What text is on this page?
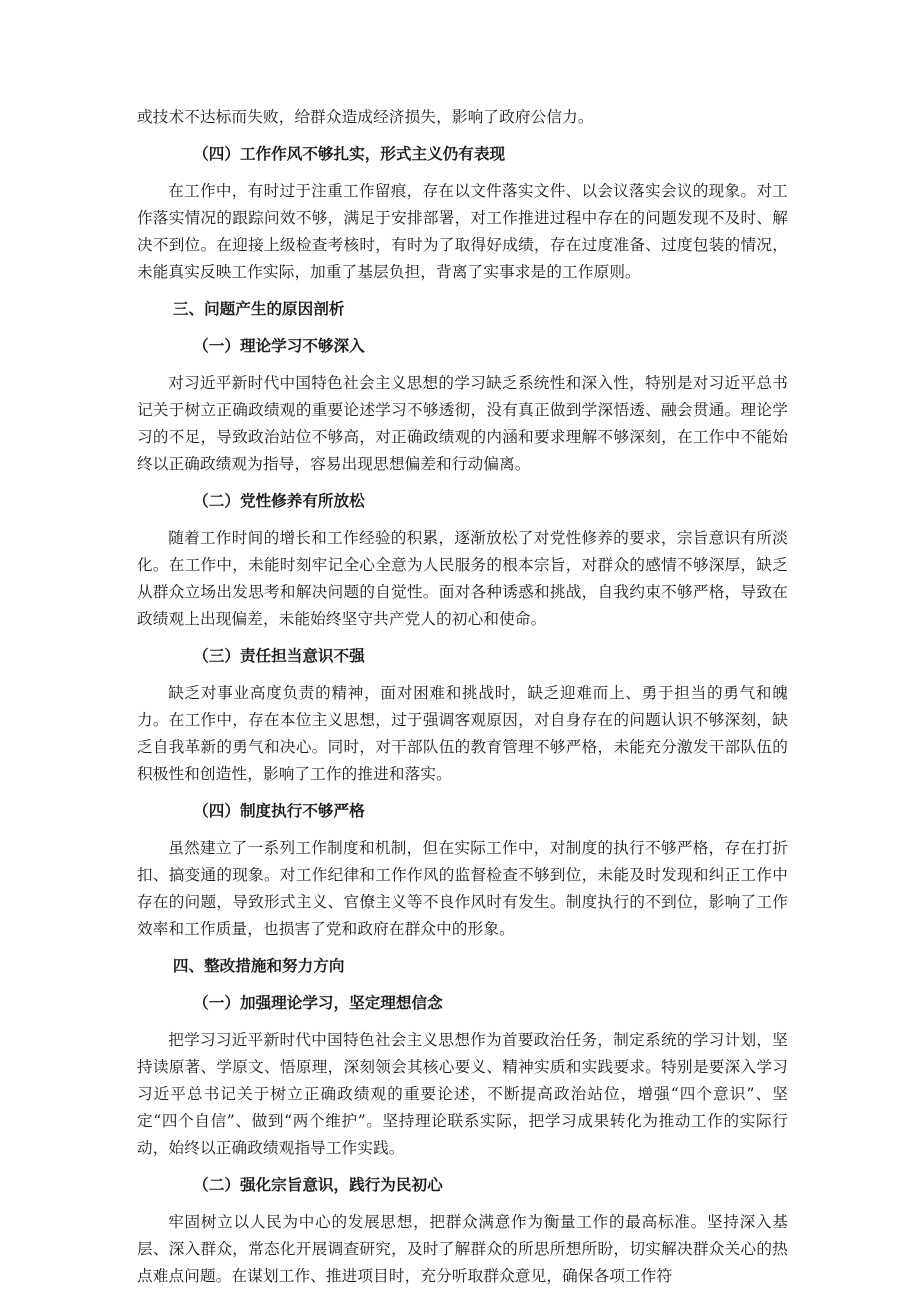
或技术不达标而失败，给群众造成经济损失，影响了政府公信力。

（四）工作作风不够扎实，形式主义仍有表现

在工作中，有时过于注重工作留痕，存在以文件落实文件、以会议落实会议的现象。对工作落实情况的跟踪问效不够，满足于安排部署，对工作推进过程中存在的问题发现不及时、解决不到位。在迎接上级检查考核时，有时为了取得好成绩，存在过度准备、过度包装的情况，未能真实反映工作实际，加重了基层负担，背离了实事求是的工作原则。

三、问题产生的原因剖析

（一）理论学习不够深入

对习近平新时代中国特色社会主义思想的学习缺乏系统性和深入性，特别是对习近平总书记关于树立正确政绩观的重要论述学习不够透彻，没有真正做到学深悟透、融会贯通。理论学习的不足，导致政治站位不够高，对正确政绩观的内涵和要求理解不够深刻，在工作中不能始终以正确政绩观为指导，容易出现思想偏差和行动偏离。

（二）党性修养有所放松

随着工作时间的增长和工作经验的积累，逐渐放松了对党性修养的要求，宗旨意识有所淡化。在工作中，未能时刻牢记全心全意为人民服务的根本宗旨，对群众的感情不够深厚，缺乏从群众立场出发思考和解决问题的自觉性。面对各种诱惑和挑战，自我约束不够严格，导致在政绩观上出现偏差，未能始终坚守共产党人的初心和使命。

（三）责任担当意识不强

缺乏对事业高度负责的精神，面对困难和挑战时，缺乏迎难而上、勇于担当的勇气和魄力。在工作中，存在本位主义思想，过于强调客观原因，对自身存在的问题认识不够深刻，缺乏自我革新的勇气和决心。同时，对干部队伍的教育管理不够严格，未能充分激发干部队伍的积极性和创造性，影响了工作的推进和落实。

（四）制度执行不够严格

虽然建立了一系列工作制度和机制，但在实际工作中，对制度的执行不够严格，存在打折扣、搞变通的现象。对工作纪律和工作作风的监督检查不够到位，未能及时发现和纠正工作中存在的问题，导致形式主义、官僚主义等不良作风时有发生。制度执行的不到位，影响了工作效率和工作质量，也损害了党和政府在群众中的形象。

四、整改措施和努力方向

（一）加强理论学习，坚定理想信念

把学习习近平新时代中国特色社会主义思想作为首要政治任务，制定系统的学习计划，坚持读原著、学原文、悟原理，深刻领会其核心要义、精神实质和实践要求。特别是要深入学习习近平总书记关于树立正确政绩观的重要论述，不断提高政治站位，增强“四个意识”、坚定“四个自信”、做到“两个维护”。坚持理论联系实际，把学习成果转化为推动工作的实际行动，始终以正确政绩观指导工作实践。

（二）强化宗旨意识，践行为民初心

牢固树立以人民为中心的发展思想，把群众满意作为衡量工作的最高标准。坚持深入基层、深入群众，常态化开展调查研究，及时了解群众的所思所想所盼，切实解决群众关心的热点难点问题。在谋划工作、推进项目时，充分听取群众意见，确保各项工作符
